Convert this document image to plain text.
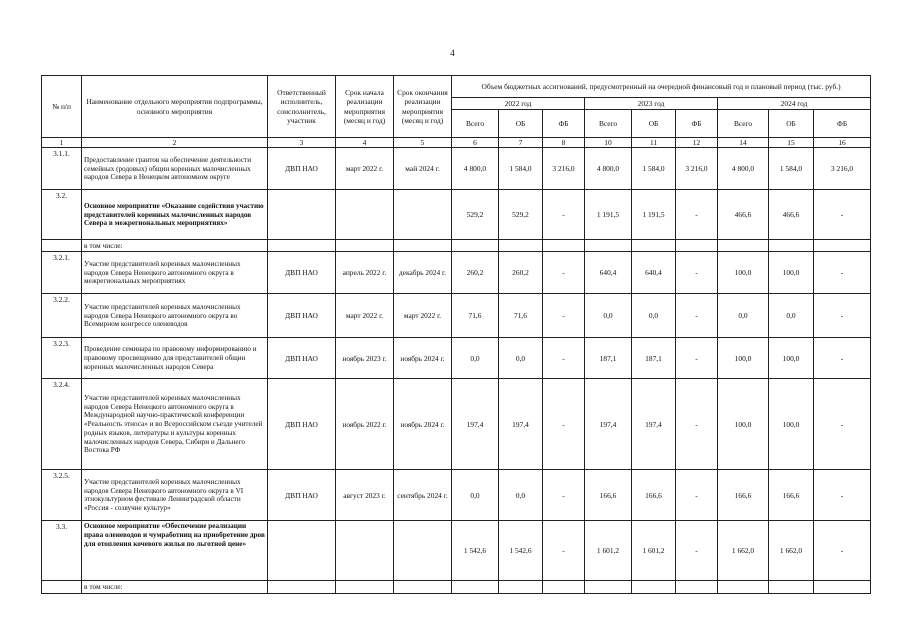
4
№ п/п	Наименование отдельного мероприятия подпрограммы, основного мероприятия	Ответственный исполнитель, соисполнитель, участник	Срок начала реализации мероприятия (месяц и год)	Срок окончания реализации мероприятия (месяц и год)	Объем бюджетных ассигнований, предусмотренный на очередной финансовый год и плановый период (тыс. руб.)								
					2022 год			2023 год			2024 год		
					Всего	ОБ	ФБ	Всего	ОБ	ФБ	Всего	ОБ	ФБ
1	2	3	4	5	6	7	8	10	11	12	14	15	16
3.1.1.	Предоставление грантов на обеспечение деятельности семейных (родовых) общин коренных малочисленных народов Севера в Ненецком автономном округе	ДВП НАО	март 2022 г.	май 2024 г.	4 800,0	1 584,0	3 216,0	4 800,0	1 584,0	3 216,0	4 800,0	1 584,0	3 216,0
3.2.	Основное мероприятие «Оказание содействия участию представителей коренных малочисленных народов Севера в межрегиональных мероприятиях»				529,2	529,2	-	1 191,5	1 191,5	-	466,6	466,6	-
	в том числе:												
3.2.1.	Участие представителей коренных малочисленных народов Севера Ненецкого автономного округа в межрегиональных мероприятиях	ДВП НАО	апрель 2022 г.	декабрь 2024 г.	260,2	260,2	-	640,4	640,4	-	100,0	100,0	-
3.2.2.	Участие представителей коренных малочисленных народов Севера Ненецкого автономного округа во Всемирном конгрессе оленеводов	ДВП НАО	март 2022 г.	март 2022 г.	71,6	71,6	-	0,0	0,0	-	0,0	0,0	-
3.2.3.	Проведение семинара по правовому информированию и правовому просвещению для представителей общин коренных малочисленных народов Севера	ДВП НАО	ноябрь 2023 г.	ноябрь 2024 г.	0,0	0,0	-	187,1	187,1	-	100,0	100,0	-
3.2.4.	Участие представителей коренных малочисленных народов Севера Ненецкого автономного округа в Международной научно-практической конференции «Реальность этноса» и во Всероссийском съезде учителей родных языков, литературы и культуры коренных малочисленных народов Севера, Сибири и Дальнего Востока РФ	ДВП НАО	ноябрь 2022 г.	ноябрь 2024 г.	197,4	197,4	-	197,4	197,4	-	100,0	100,0	-
3.2.5.	Участие представителей коренных малочисленных народов Севера Ненецкого автономного округа в VI этнокультурном фестивале Ленинградской области «Россия - созвучие культур»	ДВП НАО	август 2023 г.	сентябрь 2024 г.	0,0	0,0	-	166,6	166,6	-	166,6	166,6	-
3.3.	Основное мероприятие «Обеспечение реализации права оленеводов и чумработниц на приобретение дров для отопления кочевого жилья по льготной цене»				1 542,6	1 542,6	-	1 601,2	1 601,2	-	1 662,0	1 662,0	-
	в том числе:												
